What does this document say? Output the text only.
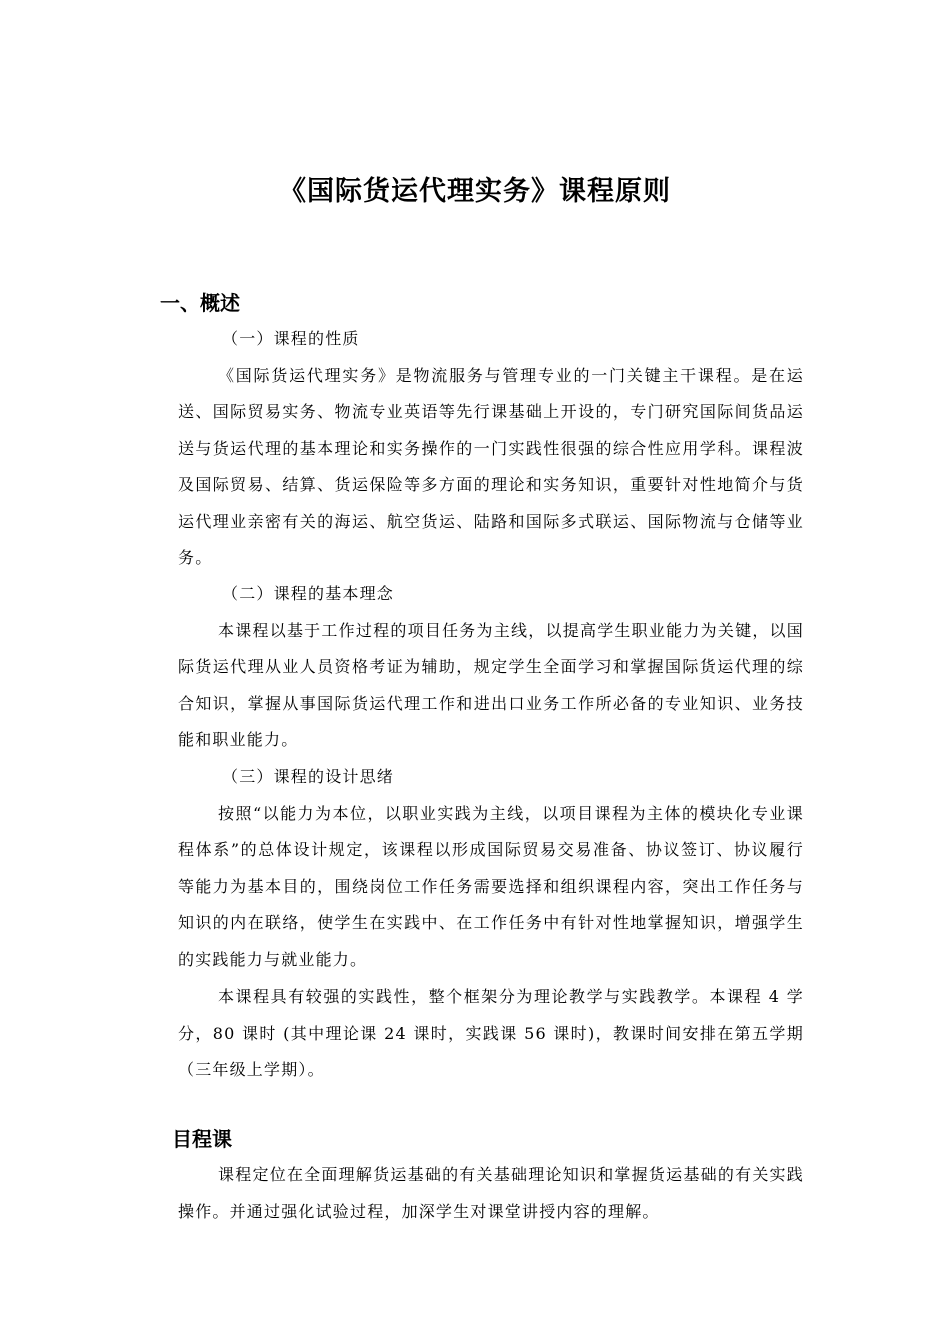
《国际货运代理实务》课程原则
一、概述

（一）课程的性质

《国际货运代理实务》是物流服务与管理专业的一门关键主干课程。是在运送、国际贸易实务、物流专业英语等先行课基础上开设的，专门研究国际间货品运送与货运代理的基本理论和实务操作的一门实践性很强的综合性应用学科。课程波及国际贸易、结算、货运保险等多方面的理论和实务知识，重要针对性地简介与货运代理业亲密有关的海运、航空货运、陆路和国际多式联运、国际物流与仓储等业务。

（二）课程的基本理念

本课程以基于工作过程的项目任务为主线，以提高学生职业能力为关键，以国际货运代理从业人员资格考证为辅助，规定学生全面学习和掌握国际货运代理的综合知识，掌握从事国际货运代理工作和进出口业务工作所必备的专业知识、业务技能和职业能力。

（三）课程的设计思绪

按照“以能力为本位，以职业实践为主线，以项目课程为主体的模块化专业课程体系”的总体设计规定，该课程以形成国际贸易交易准备、协议签订、协议履行等能力为基本目的，围绕岗位工作任务需要选择和组织课程内容，突出工作任务与知识的内在联络，使学生在实践中、在工作任务中有针对性地掌握知识，增强学生的实践能力与就业能力。

本课程具有较强的实践性，整个框架分为理论教学与实践教学。本课程 4 学分，80 课时 (其中理论课 24 课时，实践课 56 课时)，教课时间安排在第五学期（三年级上学期）。

目程课

课程定位在全面理解货运基础的有关基础理论知识和掌握货运基础的有关实践操作。并通过强化试验过程，加深学生对课堂讲授内容的理解。
